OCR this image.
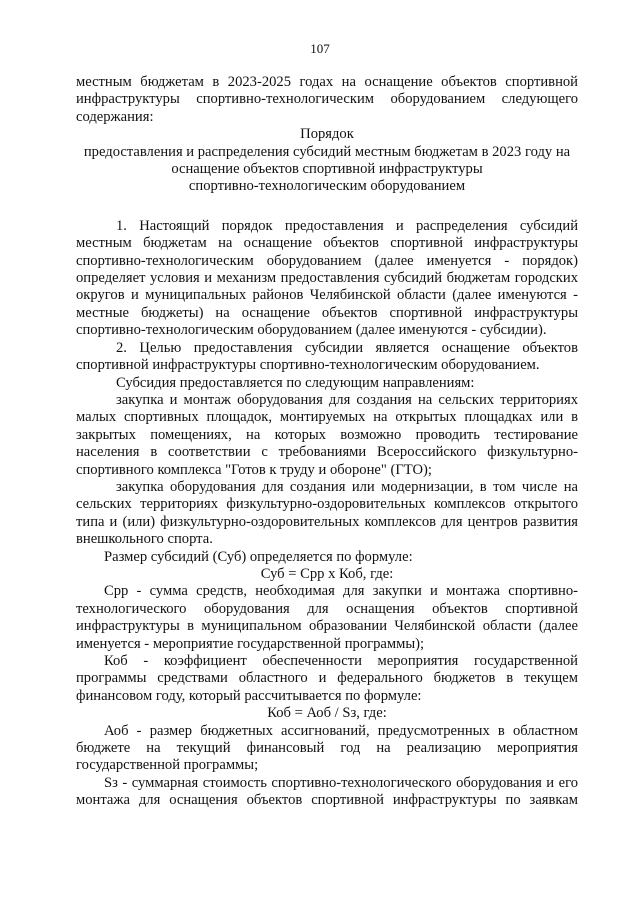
107

местным бюджетам в 2023-2025 годах на оснащение объектов спортивной инфраструктуры спортивно-технологическим оборудованием следующего содержания:

Порядок

предоставления и распределения субсидий местным бюджетам в 2023 году на

оснащение объектов спортивной инфраструктуры

спортивно-технологическим оборудованием

1. Настоящий порядок предоставления и распределения субсидий местным бюджетам на оснащение объектов спортивной инфраструктуры спортивно-технологическим оборудованием (далее именуется - порядок) определяет условия и механизм предоставления субсидий бюджетам городских округов и муниципальных районов Челябинской области (далее именуются - местные бюджеты) на оснащение объектов спортивной инфраструктуры спортивно-технологическим оборудованием (далее именуются - субсидии).

2. Целью предоставления субсидии является оснащение объектов спортивной инфраструктуры спортивно-технологическим оборудованием.

Субсидия предоставляется по следующим направлениям:

закупка и монтаж оборудования для создания на сельских территориях малых спортивных площадок, монтируемых на открытых площадках или в закрытых помещениях, на которых возможно проводить тестирование населения в соответствии с требованиями Всероссийского физкультурно-спортивного комплекса "Готов к труду и обороне" (ГТО);

закупка оборудования для создания или модернизации, в том числе на сельских территориях физкультурно-оздоровительных комплексов открытого типа и (или) физкультурно-оздоровительных комплексов для центров развития внешкольного спорта.

Размер субсидий (Суб) определяется по формуле:

Суб = Срр х Коб, где:

Срр - сумма средств, необходимая для закупки и монтажа спортивно-технологического оборудования для оснащения объектов спортивной инфраструктуры в муниципальном образовании Челябинской области (далее именуется - мероприятие государственной программы);

Коб - коэффициент обеспеченности мероприятия государственной программы средствами областного и федерального бюджетов в текущем финансовом году, который рассчитывается по формуле:

Коб = Аоб / Sз, где:

Аоб - размер бюджетных ассигнований, предусмотренных в областном бюджете на текущий финансовый год на реализацию мероприятия государственной программы;

Sз - суммарная стоимость спортивно-технологического оборудования и его монтажа для оснащения объектов спортивной инфраструктуры по заявкам
